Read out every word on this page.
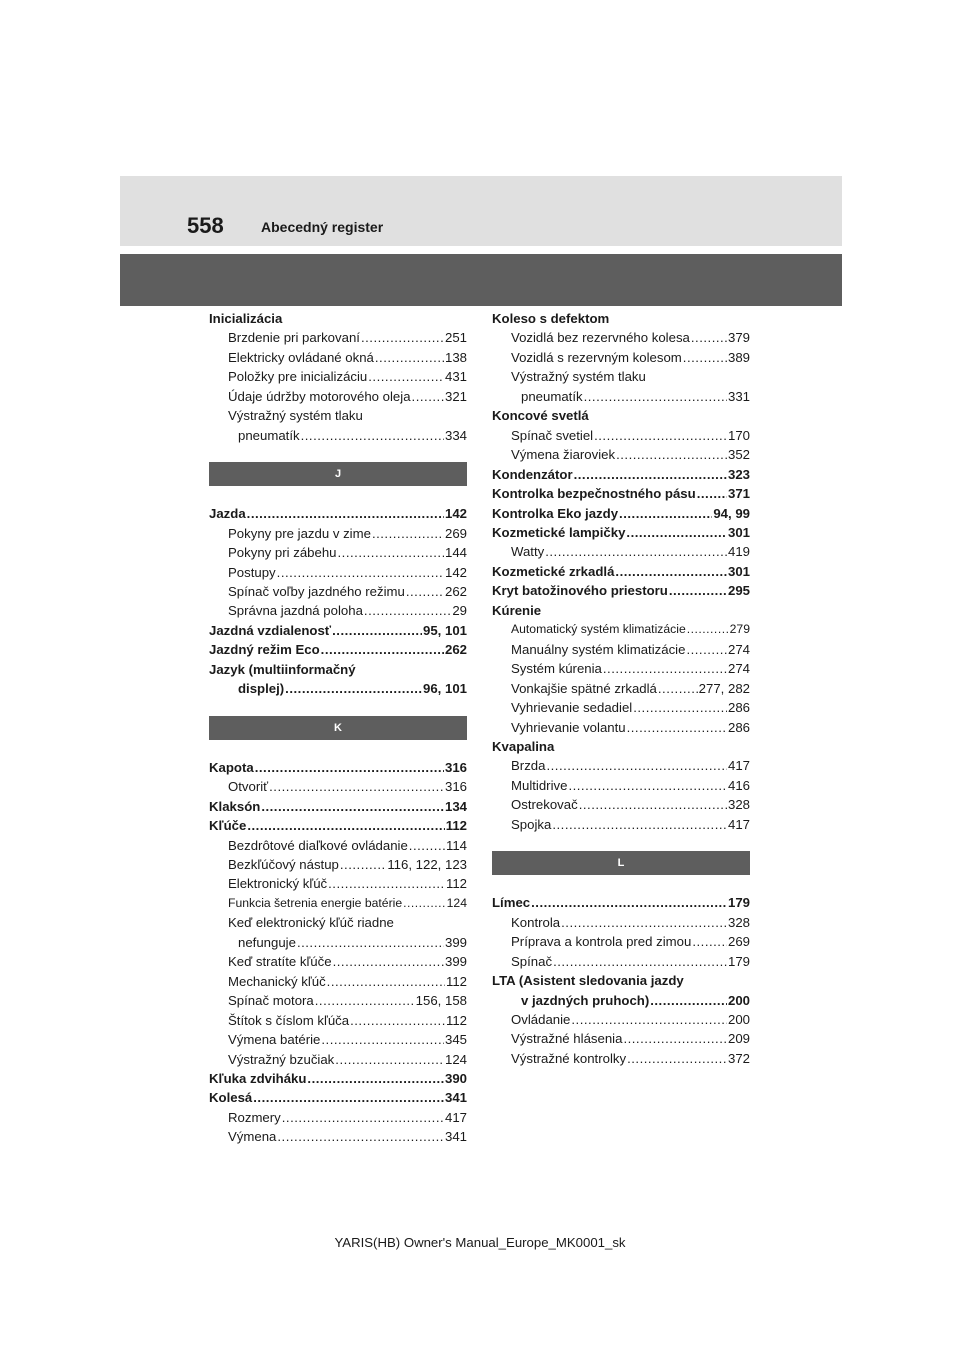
558	Abecedný register
Inicializácia
Brzdenie pri parkovaní .....	251
Elektricky ovládané okná .....	138
Položky pre inicializáciu .....	431
Údaje údržby motorového oleja .....	321
Výstražný systém tlaku
pneumatík .....	334
J
Jazda .....	142
Pokyny pre jazdu v zime .....	269
Pokyny pri zábehu .....	144
Postupy .....	142
Spínač voľby jazdného režimu .....	262
Správna jazdná poloha .....	29
Jazdná vzdialenosť .....	95, 101
Jazdný režim Eco .....	262
Jazyk (multiinformačný
displej) .....	96, 101
K
Kapota .....	316
Otvoriť .....	316
Klaksón .....	134
Kľúče .....	112
Bezdrôtové diaľkové ovládanie .....	114
Bezkľúčový nástup .....	116, 122, 123
Elektronický kľúč .....	112
Funkcia šetrenia energie batérie .....	124
Keď elektronický kľúč riadne
nefunguje .....	399
Keď stratíte kľúče .....	399
Mechanický kľúč .....	112
Spínač motora .....	156, 158
Štítok s číslom kľúča .....	112
Výmena batérie .....	345
Výstražný bzučiak .....	124
Kľuka zdviháku .....	390
Kolesá .....	341
Rozmery .....	417
Výmena .....	341
Koleso s defektom
Vozidlá bez rezervného kolesa .....	379
Vozidlá s rezervným kolesom .....	389
Výstražný systém tlaku
pneumatík .....	331
Koncové svetlá
Spínač svetiel .....	170
Výmena žiaroviek .....	352
Kondenzátor .....	323
Kontrolka bezpečnostného pásu ..... 371
Kontrolka Eko jazdy .....	94, 99
Kozmetické lampičky .....	301
Watty .....	419
Kozmetické zrkadlá .....	301
Kryt batožinového priestoru .....	295
Kúrenie
Automatický systém klimatizácie .....	279
Manuálny systém klimatizácie .....	274
Systém kúrenia .....	274
Vonkajšie spätné zrkadlá .....	277, 282
Vyhrievanie sedadiel .....	286
Vyhrievanie volantu .....	286
Kvapalina
Brzda .....	417
Multidrive .....	416
Ostrekovač .....	328
Spojka .....	417
L
Límec .....	179
Kontrola .....	328
Príprava a kontrola pred zimou .....	269
Spínač .....	179
LTA (Asistent sledovania jazdy
v jazdných pruhoch) .....	200
Ovládanie .....	200
Výstražné hlásenia .....	209
Výstražné kontrolky .....	372
YARIS(HB) Owner's Manual_Europe_MK0001_sk
